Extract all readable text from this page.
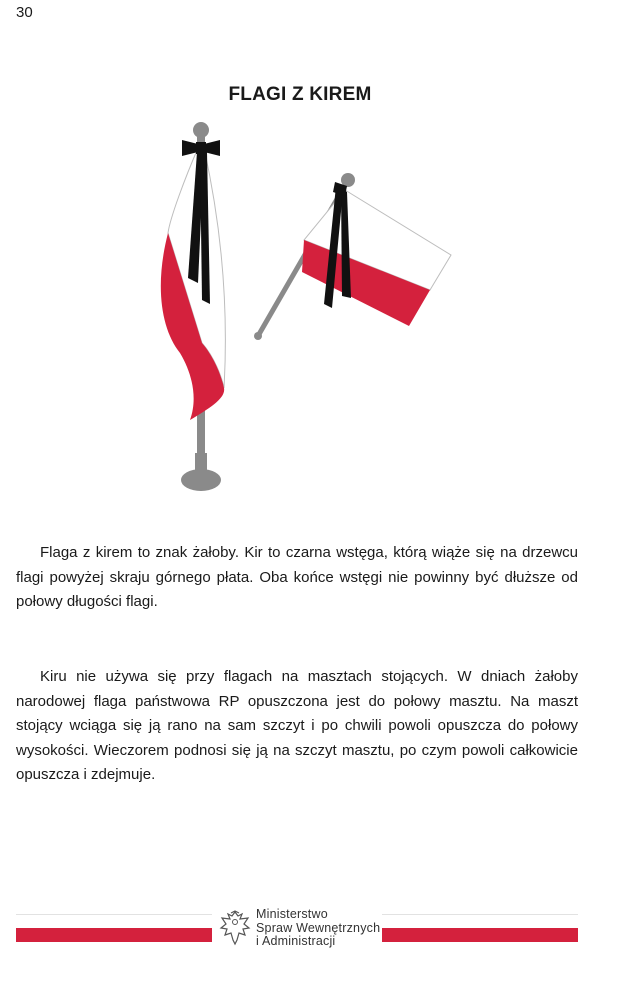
30
FLAGI Z KIREM

Flaga z kirem to znak żałoby. Kir to czarna wstęga, którą wiąże się na drzewcu flagi powyżej skraju górnego płata. Oba końce wstęgi nie powinny być dłuższe od połowy długości flagi.

Kiru nie używa się przy flagach na masztach stojących. W dniach żałoby narodowej flaga państwowa RP opuszczona jest do połowy masztu. Na maszt stojący wciąga się ją rano na sam szczyt i po chwili powoli opuszcza do połowy wysokości. Wieczorem podnosi się ją na szczyt masztu, po czym powoli całkowicie opuszcza i zdejmuje.

Ministerstwo
Spraw Wewnętrznych
i Administracji
